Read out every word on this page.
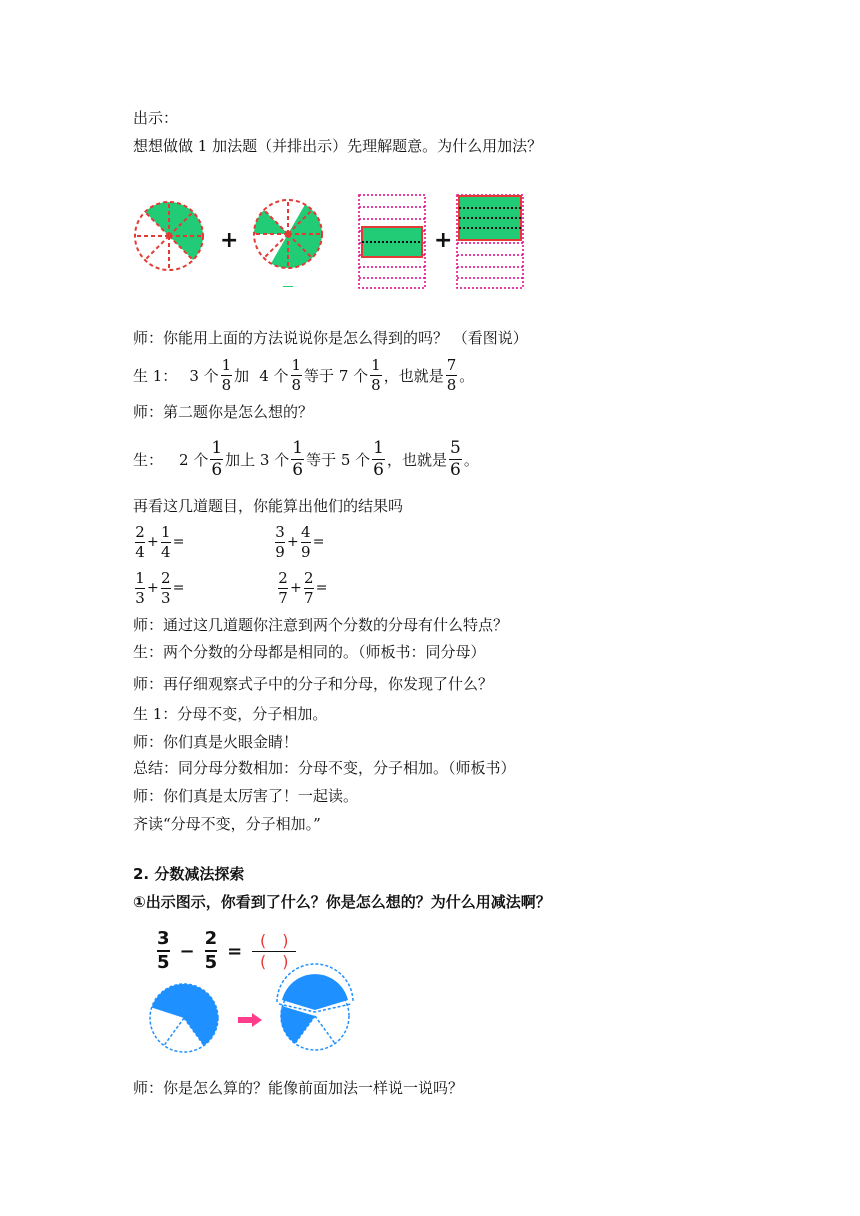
出示：
想想做做 1 加法题（并排出示）先理解题意。为什么用加法？
+	+
师：你能用上面的方法说说你是怎么得到的吗？ （看图说）
生 1： 3 个 $\frac{1}{8}$ 加 4 个 $\frac{1}{8}$ 等于 7 个 $\frac{1}{8}$ ，也就是 $\frac{7}{8}$ 。
师：第二题你是怎么想的？
生： 2 个 $\frac{1}{6}$ 加上 3 个 $\frac{1}{6}$ 等于 5 个 $\frac{1}{6}$ ，也就是 $\frac{5}{6}$ 。
再看这几道题目，你能算出他们的结果吗
$\frac{2}{4} + \frac{1}{4}$ =	$\frac{3}{9} + \frac{4}{9}$ =
$\frac{1}{3} + \frac{2}{3}$ =	$\frac{2}{7} + \frac{2}{7}$ =
师：通过这几道题你注意到两个分数的分母有什么特点？
生：两个分数的分母都是相同的。（师板书：同分母）
师：再仔细观察式子中的分子和分母，你发现了什么？
生 1：分母不变，分子相加。
师：你们真是火眼金睛！
总结：同分母分数相加：分母不变，分子相加。（师板书）
师：你们真是太厉害了！一起读。
齐读“分母不变，分子相加。”
2. 分数减法探索
①出示图示，你看到了什么？你是怎么想的？为什么用减法啊？
$\frac{3}{5} - \frac{2}{5} = \frac{( )}{( )}$
师：你是怎么算的？能像前面加法一样说一说吗？
